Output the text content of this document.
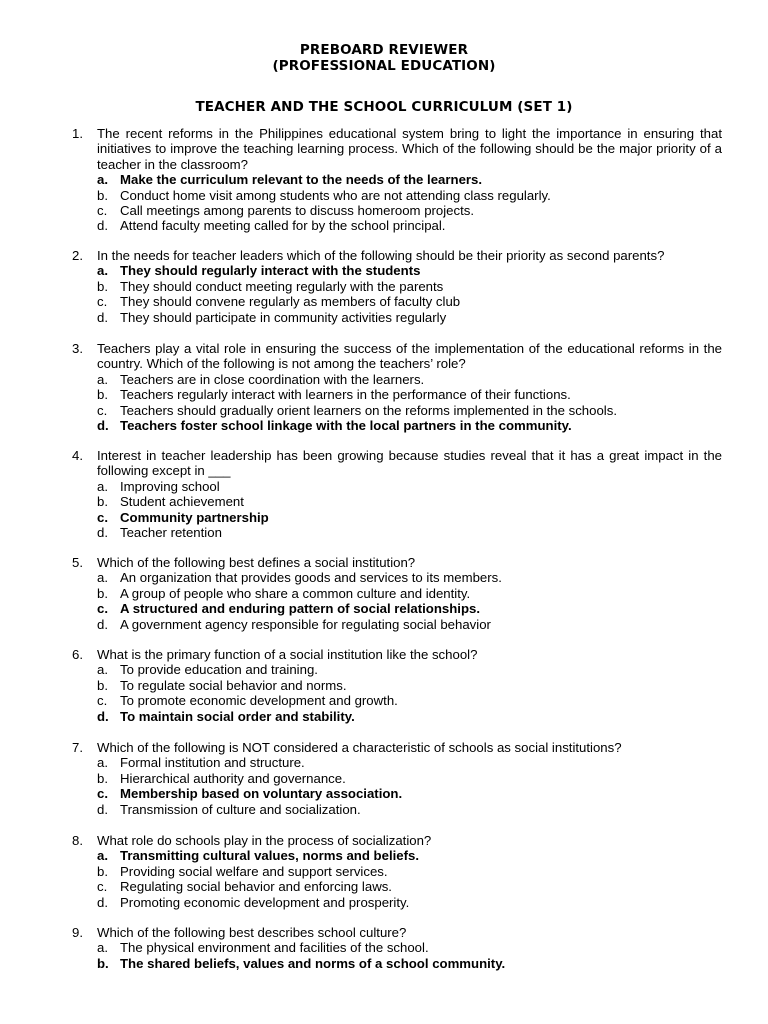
PREBOARD REVIEWER
(PROFESSIONAL EDUCATION)
TEACHER AND THE SCHOOL CURRICULUM (SET 1)
1. The recent reforms in the Philippines educational system bring to light the importance in ensuring that initiatives to improve the teaching learning process. Which of the following should be the major priority of a teacher in the classroom?

a. Make the curriculum relevant to the needs of the learners.
b. Conduct home visit among students who are not attending class regularly.
c. Call meetings among parents to discuss homeroom projects.
d. Attend faculty meeting called for by the school principal.
2. In the needs for teacher leaders which of the following should be their priority as second parents?

a. They should regularly interact with the students
b. They should conduct meeting regularly with the parents
c. They should convene regularly as members of faculty club
d. They should participate in community activities regularly
3. Teachers play a vital role in ensuring the success of the implementation of the educational reforms in the country. Which of the following is not among the teachers’ role?

a. Teachers are in close coordination with the learners.
b. Teachers regularly interact with learners in the performance of their functions.
c. Teachers should gradually orient learners on the reforms implemented in the schools.
d. Teachers foster school linkage with the local partners in the community.
4. Interest in teacher leadership has been growing because studies reveal that it has a great impact in the following except in ___

a. Improving school
b. Student achievement
c. Community partnership
d. Teacher retention
5. Which of the following best defines a social institution?

a. An organization that provides goods and services to its members.
b. A group of people who share a common culture and identity.
c. A structured and enduring pattern of social relationships.
d. A government agency responsible for regulating social behavior
6. What is the primary function of a social institution like the school?

a. To provide education and training.
b. To regulate social behavior and norms.
c. To promote economic development and growth.
d. To maintain social order and stability.
7. Which of the following is NOT considered a characteristic of schools as social institutions?

a. Formal institution and structure.
b. Hierarchical authority and governance.
c. Membership based on voluntary association.
d. Transmission of culture and socialization.
8. What role do schools play in the process of socialization?

a. Transmitting cultural values, norms and beliefs.
b. Providing social welfare and support services.
c. Regulating social behavior and enforcing laws.
d. Promoting economic development and prosperity.
9. Which of the following best describes school culture?

a. The physical environment and facilities of the school.
b. The shared beliefs, values and norms of a school community.
